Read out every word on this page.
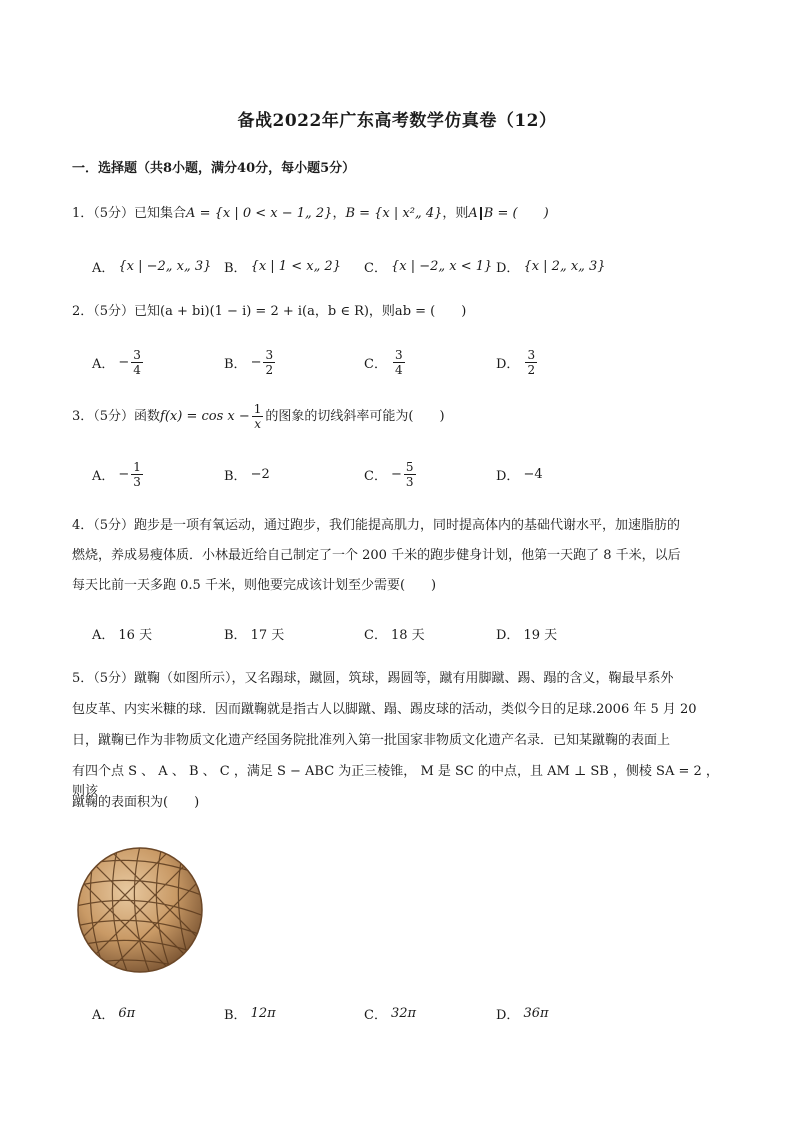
备战2022年广东高考数学仿真卷（12）
一．选择题（共8小题，满分40分，每小题5分）
1．（5分）已知集合A = {x | 0 < x − 1„ 2}，B = {x | x²„ 4}，则A B = (　　)
A． {x | −2„ x„ 3} B． {x | 1 < x„ 2} C． {x | −2„ x < 1} D． {x | 2„ x„ 3}
2．（5分）已知(a + bi)(1 − i) = 2 + i(a，b ∈ R)，则ab = (　　)
A． − $\frac{3}{4}$	B． − $\frac{3}{2}$	C． $\frac{3}{4}$	D． $\frac{3}{2}$
3．（5分）函数 $f(x) = \cos x - \frac{1}{x}$ 的图象的切线斜率可能为(　　)
A． − $\frac{1}{3}$	B． −2	C． − $\frac{5}{3}$	D． −4
4．（5分）跑步是一项有氧运动，通过跑步，我们能提高肌力，同时提高体内的基础代谢水平，加速脂肪的
燃烧，养成易瘦体质．小林最近给自己制定了一个 200 千米的跑步健身计划，他第一天跑了 8 千米，以后
每天比前一天多跑 0.5 千米，则他要完成该计划至少需要(　　)
A． 16 天	B． 17 天	C． 18 天	D． 19 天
5．（5分）蹴鞠（如图所示），又名蹋球，蹴圆，筑球，踢圆等，蹴有用脚蹴、踢、蹋的含义，鞠最早系外
包皮革、内实米糠的球．因而蹴鞠就是指古人以脚蹴、蹋、踢皮球的活动，类似今日的足球.2006 年 5 月 20
日，蹴鞠已作为非物质文化遗产经国务院批准列入第一批国家非物质文化遗产名录．已知某蹴鞠的表面上
有四个点 S 、 A 、 B 、 C ，满足 S − ABC 为正三棱锥， M 是 SC 的中点，且 AM ⊥ SB ，侧棱 SA = 2 ，则该
蹴鞠的表面积为(　　)
A． 6π	B． 12π	C． 32π	D． 36π
